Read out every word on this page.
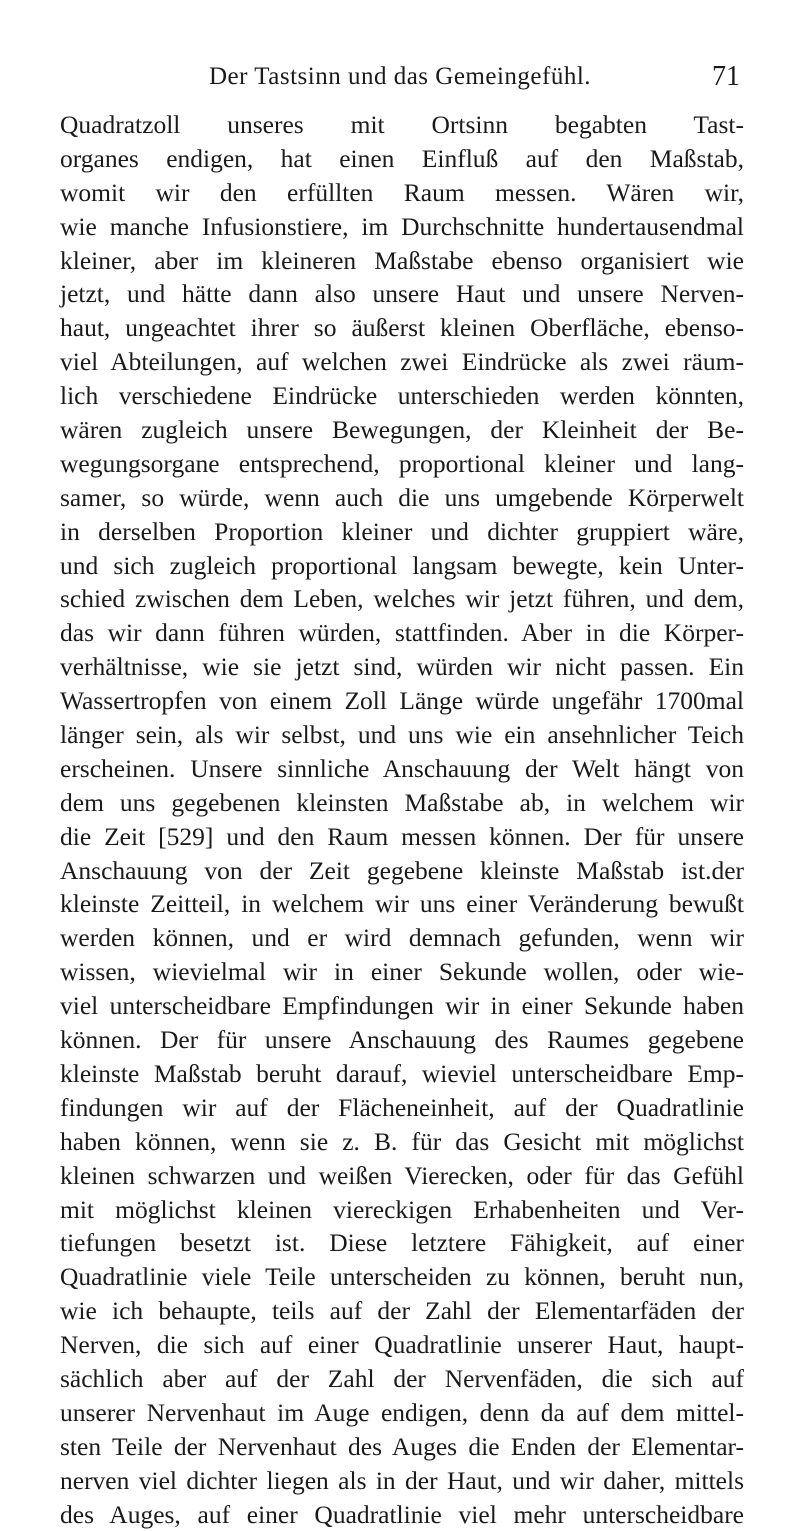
Der Tastsinn und das Gemeingefühl.	71
Quadratzoll unseres mit Ortsinn begabten Tast-
organes endigen, hat einen Einfluß auf den Maßstab,
womit wir den erfüllten Raum messen. Wären wir,
wie manche Infusionstiere, im Durchschnitte hundertausendmal
kleiner, aber im kleineren Maßstabe ebenso organisiert wie
jetzt, und hätte dann also unsere Haut und unsere Nerven-
haut, ungeachtet ihrer so äußerst kleinen Oberfläche, ebenso-
viel Abteilungen, auf welchen zwei Eindrücke als zwei räum-
lich verschiedene Eindrücke unterschieden werden könnten,
wären zugleich unsere Bewegungen, der Kleinheit der Be-
wegungsorgane entsprechend, proportional kleiner und lang-
samer, so würde, wenn auch die uns umgebende Körperwelt
in derselben Proportion kleiner und dichter gruppiert wäre,
und sich zugleich proportional langsam bewegte, kein Unter-
schied zwischen dem Leben, welches wir jetzt führen, und dem,
das wir dann führen würden, stattfinden. Aber in die Körper-
verhältnisse, wie sie jetzt sind, würden wir nicht passen. Ein
Wassertropfen von einem Zoll Länge würde ungefähr 1700mal
länger sein, als wir selbst, und uns wie ein ansehnlicher Teich
erscheinen. Unsere sinnliche Anschauung der Welt hängt von
dem uns gegebenen kleinsten Maßstabe ab, in welchem wir
die Zeit [529] und den Raum messen können. Der für unsere
Anschauung von der Zeit gegebene kleinste Maßstab ist.der
kleinste Zeitteil, in welchem wir uns einer Veränderung bewußt
werden können, und er wird demnach gefunden, wenn wir
wissen, wievielmal wir in einer Sekunde wollen, oder wie-
viel unterscheidbare Empfindungen wir in einer Sekunde haben
können. Der für unsere Anschauung des Raumes gegebene
kleinste Maßstab beruht darauf, wieviel unterscheidbare Emp-
findungen wir auf der Flächeneinheit, auf der Quadratlinie
haben können, wenn sie z. B. für das Gesicht mit möglichst
kleinen schwarzen und weißen Vierecken, oder für das Gefühl
mit möglichst kleinen viereckigen Erhabenheiten und Ver-
tiefungen besetzt ist. Diese letztere Fähigkeit, auf einer
Quadratlinie viele Teile unterscheiden zu können, beruht nun,
wie ich behaupte, teils auf der Zahl der Elementarfäden der
Nerven, die sich auf einer Quadratlinie unserer Haut, haupt-
sächlich aber auf der Zahl der Nervenfäden, die sich auf
unserer Nervenhaut im Auge endigen, denn da auf dem mittel-
sten Teile der Nervenhaut des Auges die Enden der Elementar-
nerven viel dichter liegen als in der Haut, und wir daher, mittels
des Auges, auf einer Quadratlinie viel mehr unterscheidbare
